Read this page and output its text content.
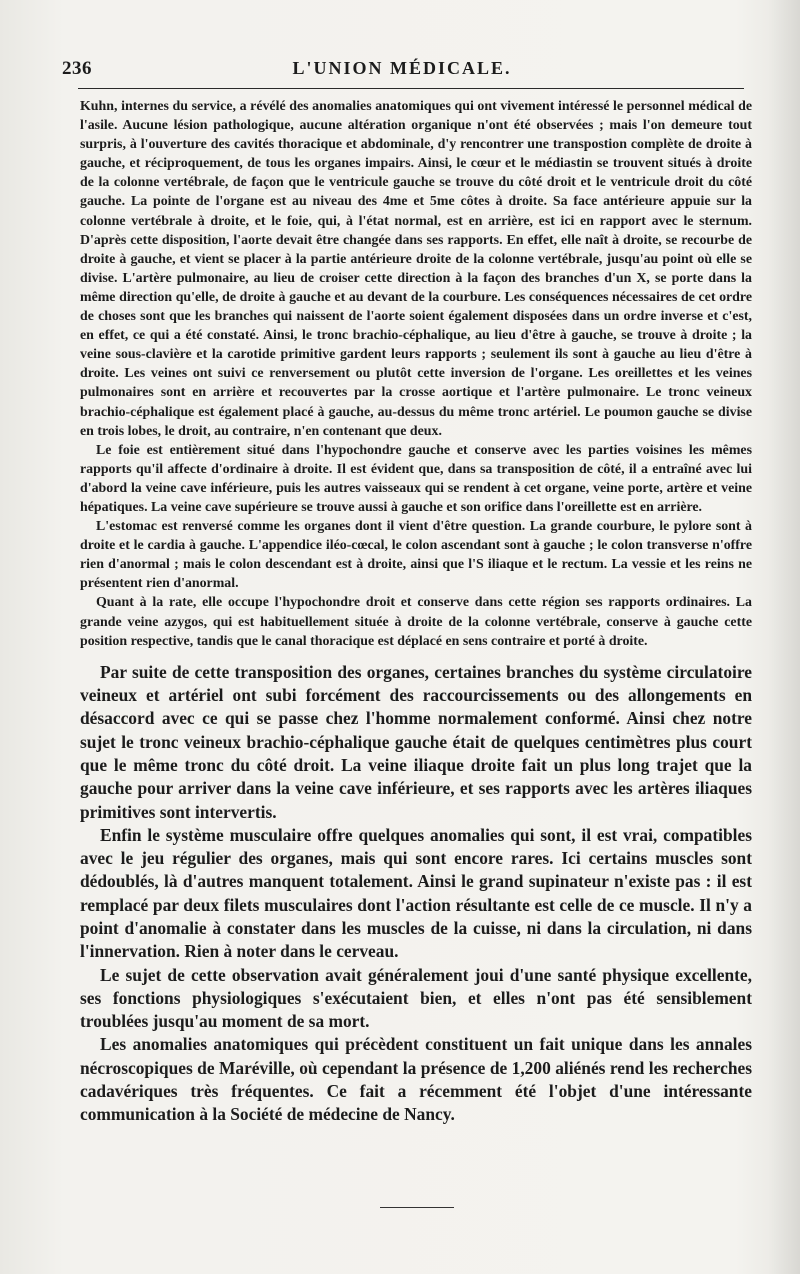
236	L'UNION MÉDICALE.

Kuhn, internes du service, a révélé des anomalies anatomiques qui ont vivement intéressé le personnel médical de l'asile. Aucune lésion pathologique, aucune altération organique n'ont été observées ; mais l'on demeure tout surpris, à l'ouverture des cavités thoracique et abdominale, d'y rencontrer une transpostion complète de droite à gauche, et réciproquement, de tous les organes impairs. Ainsi, le cœur et le médiastin se trouvent situés à droite de la colonne vertébrale, de façon que le ventricule gauche se trouve du côté droit et le ventricule droit du côté gauche. La pointe de l'organe est au niveau des 4me et 5me côtes à droite. Sa face antérieure appuie sur la colonne vertébrale à droite, et le foie, qui, à l'état normal, est en arrière, est ici en rapport avec le sternum. D'après cette disposition, l'aorte devait être changée dans ses rapports. En effet, elle naît à droite, se recourbe de droite à gauche, et vient se placer à la partie antérieure droite de la colonne vertébrale, jusqu'au point où elle se divise. L'artère pulmonaire, au lieu de croiser cette direction à la façon des branches d'un X, se porte dans la même direction qu'elle, de droite à gauche et au devant de la courbure. Les conséquences nécessaires de cet ordre de choses sont que les branches qui naissent de l'aorte soient également disposées dans un ordre inverse et c'est, en effet, ce qui a été constaté. Ainsi, le tronc brachio-céphalique, au lieu d'être à gauche, se trouve à droite ; la veine sous-clavière et la carotide primitive gardent leurs rapports ; seulement ils sont à gauche au lieu d'être à droite. Les veines ont suivi ce renversement ou plutôt cette inversion de l'organe. Les oreillettes et les veines pulmonaires sont en arrière et recouvertes par la crosse aortique et l'artère pulmonaire. Le tronc veineux brachio-céphalique est également placé à gauche, au-dessus du même tronc artériel. Le poumon gauche se divise en trois lobes, le droit, au contraire, n'en contenant que deux.

Le foie est entièrement situé dans l'hypochondre gauche et conserve avec les parties voisines les mêmes rapports qu'il affecte d'ordinaire à droite. Il est évident que, dans sa transposition de côté, il a entraîné avec lui d'abord la veine cave inférieure, puis les autres vaisseaux qui se rendent à cet organe, veine porte, artère et veine hépatiques. La veine cave supérieure se trouve aussi à gauche et son orifice dans l'oreillette est en arrière.

L'estomac est renversé comme les organes dont il vient d'être question. La grande courbure, le pylore sont à droite et le cardia à gauche. L'appendice iléo-cœcal, le colon ascendant sont à gauche ; le colon transverse n'offre rien d'anormal ; mais le colon descendant est à droite, ainsi que l'S iliaque et le rectum. La vessie et les reins ne présentent rien d'anormal.

Quant à la rate, elle occupe l'hypochondre droit et conserve dans cette région ses rapports ordinaires. La grande veine azygos, qui est habituellement située à droite de la colonne vertébrale, conserve à gauche cette position respective, tandis que le canal thoracique est déplacé en sens contraire et porté à droite.

Par suite de cette transposition des organes, certaines branches du système circulatoire veineux et artériel ont subi forcément des raccourcissements ou des allongements en désaccord avec ce qui se passe chez l'homme normalement conformé. Ainsi chez notre sujet le tronc veineux brachio-céphalique gauche était de quelques centimètres plus court que le même tronc du côté droit. La veine iliaque droite fait un plus long trajet que la gauche pour arriver dans la veine cave inférieure, et ses rapports avec les artères iliaques primitives sont intervertis.

Enfin le système musculaire offre quelques anomalies qui sont, il est vrai, compatibles avec le jeu régulier des organes, mais qui sont encore rares. Ici certains muscles sont dédoublés, là d'autres manquent totalement. Ainsi le grand supinateur n'existe pas : il est remplacé par deux filets musculaires dont l'action résultante est celle de ce muscle. Il n'y a point d'anomalie à constater dans les muscles de la cuisse, ni dans la circulation, ni dans l'innervation. Rien à noter dans le cerveau.

Le sujet de cette observation avait généralement joui d'une santé physique excellente, ses fonctions physiologiques s'exécutaient bien, et elles n'ont pas été sensiblement troublées jusqu'au moment de sa mort.

Les anomalies anatomiques qui précèdent constituent un fait unique dans les annales nécroscopiques de Maréville, où cependant la présence de 1,200 aliénés rend les recherches cadavériques très fréquentes. Ce fait a récemment été l'objet d'une intéressante communication à la Société de médecine de Nancy.
